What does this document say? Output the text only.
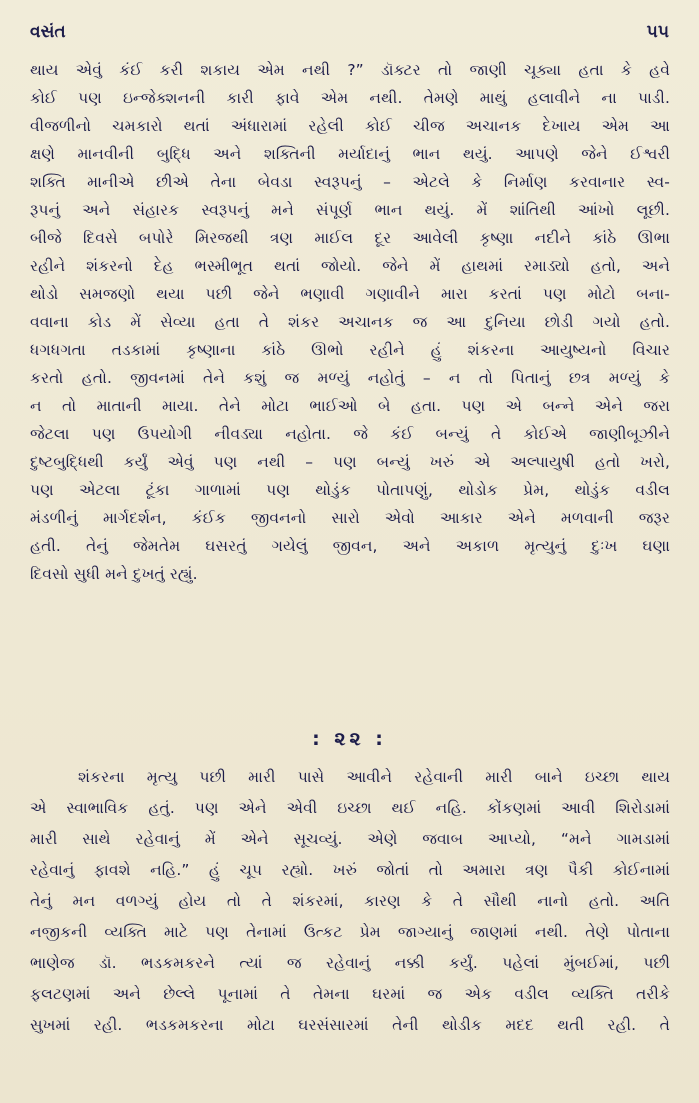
વસંત	૫૫
થાય એવું કંઈ કરી શકાય એમ નથી ?” ડૉક્ટર તો જાણી ચૂક્યા હતા કે હવે
કોઈ પણ ઇન્જેક્શનની કારી ફાવે એમ નથી. તેમણે માથું હલાવીને ના પાડી.
વીજળીનો ચમકારો થતાં અંધારામાં રહેલી કોઈ ચીજ અચાનક દેખાય એમ આ
ક્ષણે માનવીની બુદ્ધિ અને શક્તિની મર્યાદાનું ભાન થયું. આપણે જેને ઈશ્વરી
શક્તિ માનીએ છીએ તેના બેવડા સ્વરૂપનું – એટલે કે નિર્માણ કરવાનાર સ્વ-
રૂપનું અને સંહારક સ્વરૂપનું મને સંપૂર્ણ ભાન થયું. મેં શાંતિથી આંખો લૂછી.
બીજે દિવસે બપોરે મિરજથી ત્રણ માઈલ દૂર આવેલી કૃષ્ણા નદીને કાંઠે ઊભા
રહીને શંકરનો દેહ ભસ્મીભૂત થતાં જોયો. જેને મેં હાથમાં રમાડ્યો હતો, અને
થોડો સમજણો થયા પછી જેને ભણાવી ગણાવીને મારા કરતાં પણ મોટો બના-
વવાના કોડ મેં સેવ્યા હતા તે શંકર અચાનક જ આ દુનિયા છોડી ગયો હતો.
ધગધગતા તડકામાં કૃષ્ણાના કાંઠે ઊભો રહીને હું શંકરના આયુષ્યનો વિચાર
કરતો હતો. જીવનમાં તેને કશું જ મળ્યું નહોતું – ન તો પિતાનું છત્ર મળ્યું કે
ન તો માતાની માયા. તેને મોટા ભાઈઓ બે હતા. પણ એ બન્ને એને જરા
જેટલા પણ ઉપયોગી નીવડ્યા નહોતા. જે કંઈ બન્યું તે કોઈએ જાણીબૂઝીને
દુષ્ટબુદ્ધિથી કર્યું એવું પણ નથી – પણ બન્યું ખરું એ અલ્પાયુષી હતો ખરો,
પણ એટલા ટૂંકા ગાળામાં પણ થોડુંક પોતાપણું, થોડોક પ્રેમ, થોડુંક વડીલ
મંડળીનું માર્ગદર્શન, કંઈક જીવનનો સારો એવો આકાર એને મળવાની જરૂર
હતી. તેનું જેમતેમ ઘસરતું ગયેલું જીવન, અને અકાળ મૃત્યુનું દુઃખ ઘણા
દિવસો સુધી મને દુખતું રહ્યું.
: ૨૨ :
શંકરના મૃત્યુ પછી મારી પાસે આવીને રહેવાની મારી બાને ઇચ્છા થાય
એ સ્વાભાવિક હતું. પણ એને એવી ઇચ્છા થઈ નહિ. કોંકણમાં આવી શિરોડામાં
મારી સાથે રહેવાનું મેં એને સૂચવ્યું. એણે જવાબ આપ્યો, “મને ગામડામાં
રહેવાનું ફાવશે નહિ.” હું ચૂપ રહ્યો. ખરું જોતાં તો અમારા ત્રણ પૈકી કોઈનામાં
તેનું મન વળગ્યું હોય તો તે શંકરમાં, કારણ કે તે સૌથી નાનો હતો. અતિ
નજીકની વ્યક્તિ માટે પણ તેનામાં ઉત્કટ પ્રેમ જાગ્યાનું જાણમાં નથી. તેણે પોતાના
ભાણેજ ડૉ. ભડકમકરને ત્યાં જ રહેવાનું નક્કી કર્યું. પહેલાં મુંબઈમાં, પછી
ફલટણમાં અને છેલ્લે પૂનામાં તે તેમના ઘરમાં જ એક વડીલ વ્યક્તિ તરીકે
સુખમાં રહી. ભડકમકરના મોટા ઘરસંસારમાં તેની થોડીક મદદ થતી રહી. તે
